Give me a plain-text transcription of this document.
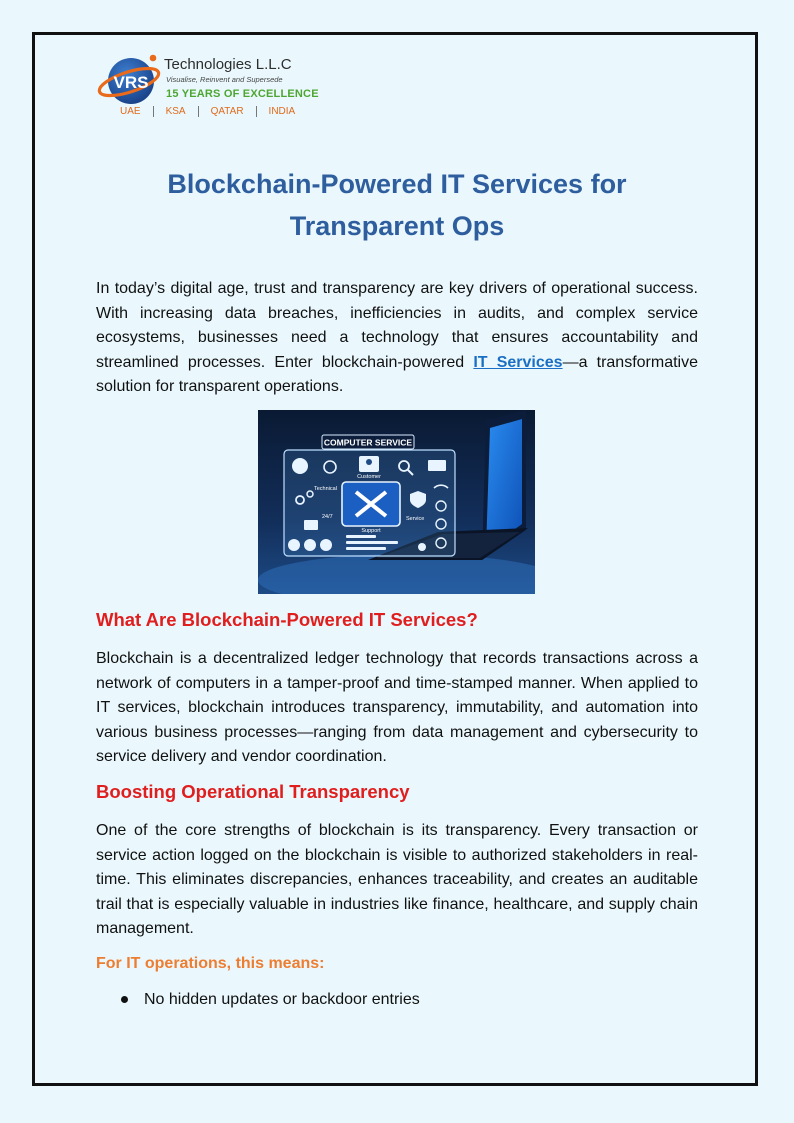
VRS
Technologies L.L.C
Visualise, Reinvent and Supersede
15 YEARS OF EXCELLENCE
UAE	KSA	QATAR	INDIA
Blockchain-Powered IT Services for Transparent Ops

In today’s digital age, trust and transparency are key drivers of operational success. With increasing data breaches, inefficiencies in audits, and complex service ecosystems, businesses need a technology that ensures accountability and streamlined processes. Enter blockchain-powered IT Services—a transformative solution for transparent operations.

COMPUTER SERVICE
Customer
Technical
24/7	Service
Support
What Are Blockchain-Powered IT Services?

Blockchain is a decentralized ledger technology that records transactions across a network of computers in a tamper-proof and time-stamped manner. When applied to IT services, blockchain introduces transparency, immutability, and automation into various business processes—ranging from data management and cybersecurity to service delivery and vendor coordination.

Boosting Operational Transparency

One of the core strengths of blockchain is its transparency. Every transaction or service action logged on the blockchain is visible to authorized stakeholders in real-time. This eliminates discrepancies, enhances traceability, and creates an auditable trail that is especially valuable in industries like finance, healthcare, and supply chain management.

For IT operations, this means:
No hidden updates or backdoor entries
